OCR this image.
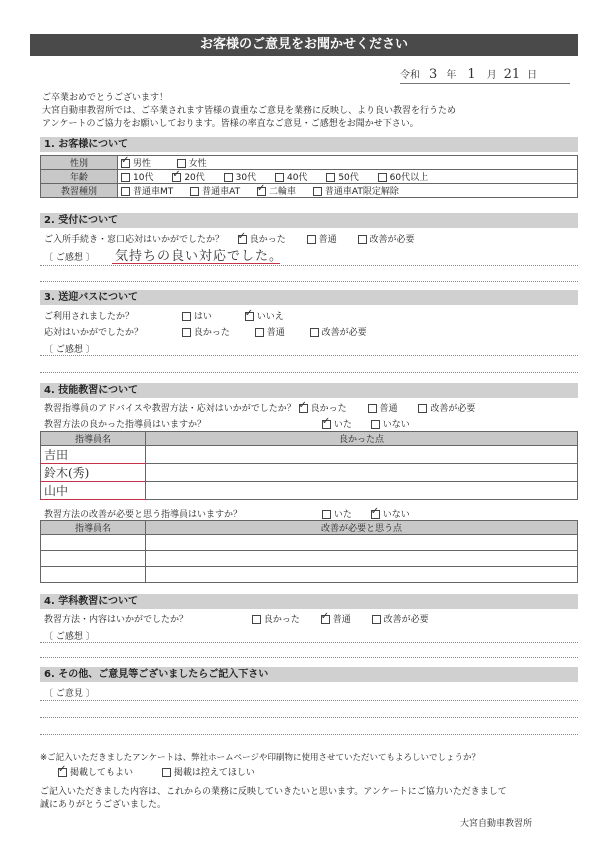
お客様のご意見をお聞かせください
令和 3 年 1 月 21 日
ご卒業おめでとうございます！
大宮自動車教習所では、ご卒業されます皆様の貴重なご意見を業務に反映し、より良い教習を行うため
アンケートのご協力をお願いしております。皆様の率直なご意見・ご感想をお聞かせ下さい。
1. お客様について
性別	✓男性 女性
年齢	10代 ✓ 20代 30代 40代 50代 60代以上
教習種別	普通車MT 普通車AT ✓ 二輪車 普通車AT限定解除
2. 受付について
ご入所手続き・窓口応対はいかがでしたか？ ✓	良かった	普通	改善が必要
〔 ご感想 〕 気持ちの良い対応でした。
3. 送迎バスについて
ご利用されましたか？	はい ✓	いいえ
応対はいかがでしたか？	良かった	普通	改善が必要
〔 ご感想 〕
4. 技能教習について
教習指導員のアドバイスや教習方法・応対はいかがでしたか？ ✓ 良かった	普通	改善が必要
教習方法の良かった指導員はいますか？ ✓	いた	いない
指導員名	良かった点
吉田	
鈴木(秀)	
山中	
教習方法の改善が必要と思う指導員はいますか？	いた ✓	いない
指導員名	改善が必要と思う点

4. 学科教習について
教習方法・内容はいかがでしたか？	良かった ✓	普通	改善が必要
〔 ご感想 〕
6. その他、ご意見等ございましたらご記入下さい
〔 ご意見 〕
※ご記入いただきましたアンケートは、弊社ホームページや印刷物に使用させていただいてもよろしいでしょうか？
✓掲載してもよい	掲載は控えてほしい
ご記入いただきました内容は、これからの業務に反映していきたいと思います。アンケートにご協力いただきまして
誠にありがとうございました。
大宮自動車教習所
